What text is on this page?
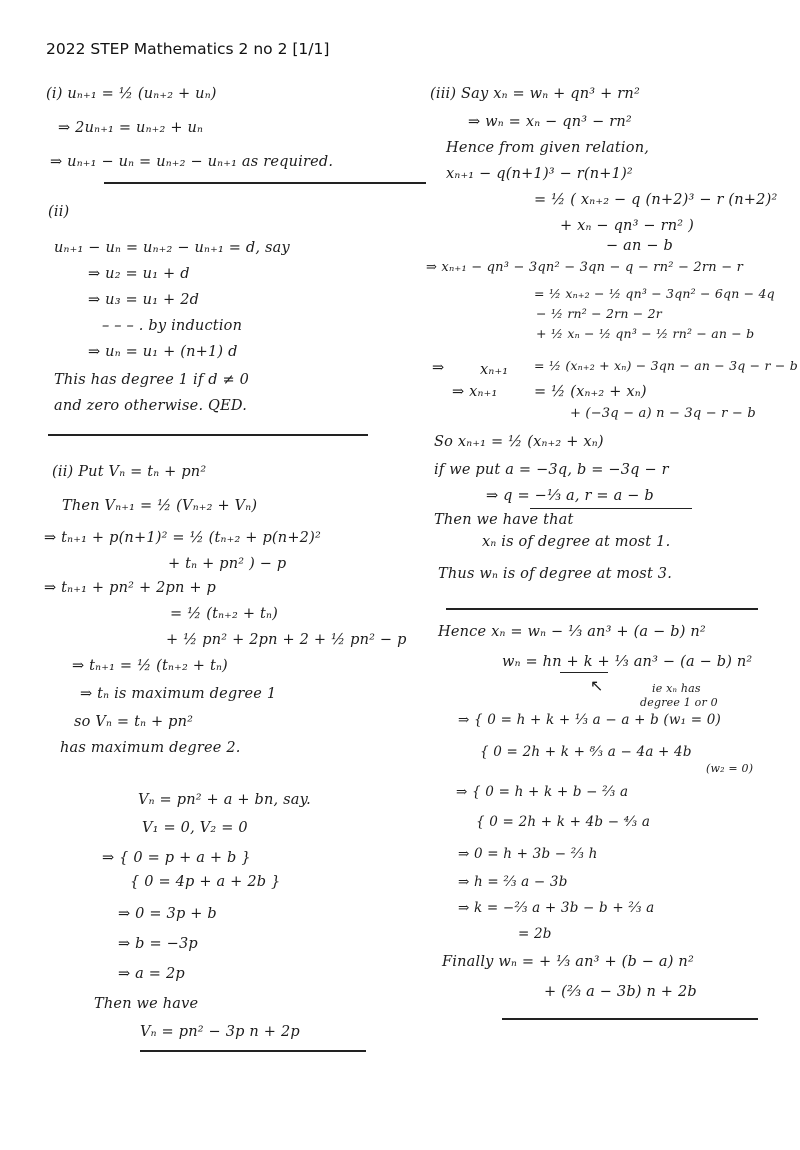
2022 STEP Mathematics 2 no 2 [1/1]
(i) uₙ₊₁ = ½ (uₙ₊₂ + uₙ)
⇒ 2uₙ₊₁ = uₙ₊₂ + uₙ
⇒ uₙ₊₁ − uₙ = uₙ₊₂ − uₙ₊₁ as required.
(ii)
uₙ₊₁ − uₙ = uₙ₊₂ − uₙ₊₁ = d, say
⇒ u₂ = u₁ + d
⇒ u₃ = u₁ + 2d
– – – . by induction
⇒ uₙ = u₁ + (n+1) d
This has degree 1 if d ≠ 0
and zero otherwise. QED.
(ii) Put Vₙ = tₙ + pn²
Then Vₙ₊₁ = ½ (Vₙ₊₂ + Vₙ)
⇒ tₙ₊₁ + p(n+1)² = ½ (tₙ₊₂ + p(n+2)²
+ tₙ + pn² ) − p
⇒ tₙ₊₁ + pn² + 2pn + p
= ½ (tₙ₊₂ + tₙ)
+ ½ pn² + 2pn + 2 + ½ pn² − p
⇒ tₙ₊₁ = ½ (tₙ₊₂ + tₙ)
⇒ tₙ is maximum degree 1
so Vₙ = tₙ + pn²
has maximum degree 2.
Vₙ = pn² + a + bn, say.
V₁ = 0, V₂ = 0
⇒ { 0 = p + a + b }
{ 0 = 4p + a + 2b }
⇒ 0 = 3p + b
⇒ b = −3p
⇒ a = 2p
Then we have
Vₙ = pn² − 3p n + 2p
(iii) Say xₙ = wₙ + qn³ + rn²
⇒ wₙ = xₙ − qn³ − rn²
Hence from given relation,
xₙ₊₁ − q(n+1)³ − r(n+1)²
= ½ ( xₙ₊₂ − q (n+2)³ − r (n+2)²
+ xₙ − qn³ − rn² )
− an − b
⇒ xₙ₊₁ − qn³ − 3qn² − 3qn − q − rn² − 2rn − r
= ½ xₙ₊₂ − ½ qn³ − 3qn² − 6qn − 4q
− ½ rn² − 2rn − 2r
+ ½ xₙ − ½ qn³ − ½ rn² − an − b
⇒ xₙ₊₁ = ½ (xₙ₊₂ + xₙ) − 3qn − an − 3q − r − b
⇒ xₙ₊₁	= ½ (xₙ₊₂ + xₙ)
+ (−3q − a) n − 3q − r − b
So xₙ₊₁ = ½ (xₙ₊₂ + xₙ)
if we put a = −3q, b = −3q − r
⇒ q = −⅓ a, r = a − b
Then we have that
xₙ is of degree at most 1.
Thus wₙ is of degree at most 3.
Hence xₙ = wₙ − ⅓ an³ + (a − b) n²
wₙ = hn + k + ⅓ an³ − (a − b) n²
↖	ie xₙ has
degree 1 or 0
⇒ { 0 = h + k + ⅓ a − a + b (w₁ = 0)
{ 0 = 2h + k + ⁸⁄₃ a − 4a + 4b
(w₂ = 0)
⇒ { 0 = h + k + b − ⅔ a
{ 0 = 2h + k + 4b − ⁴⁄₃ a
⇒ 0 = h + 3b − ⅔ h
⇒ h = ⅔ a − 3b
⇒ k = −⅔ a + 3b − b + ⅔ a
= 2b
Finally wₙ = + ⅓ an³ + (b − a) n²
+ (⅔ a − 3b) n + 2b
